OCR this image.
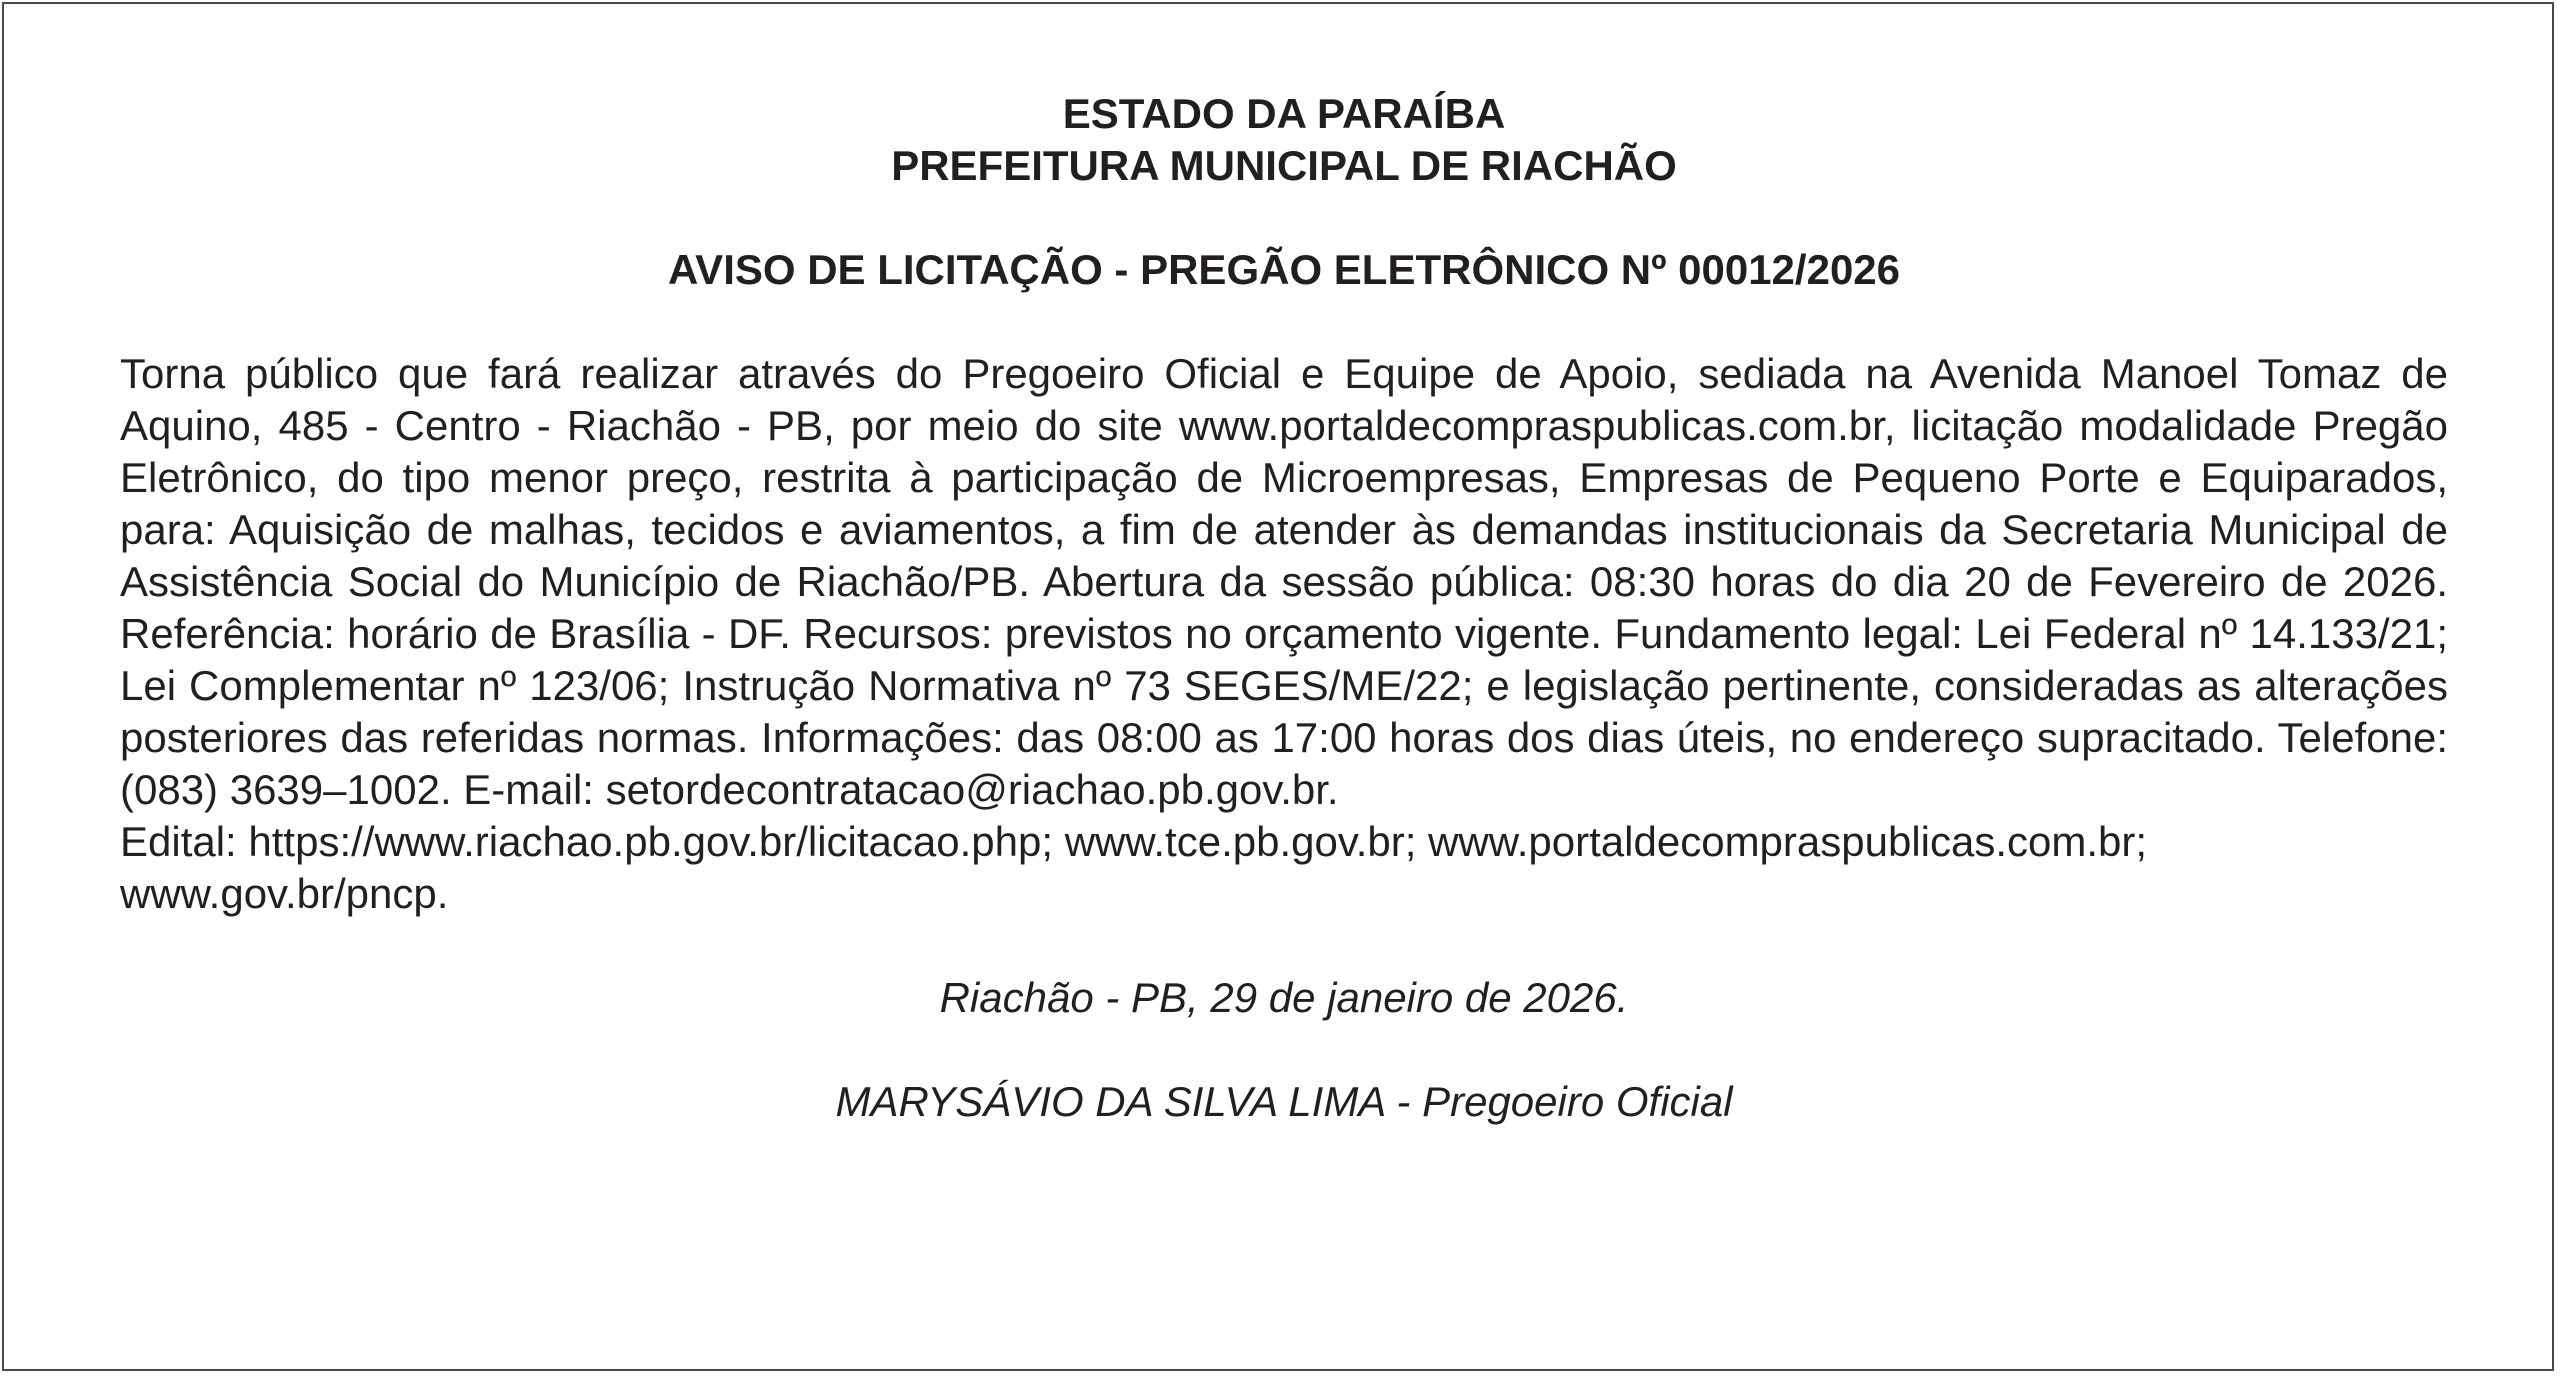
ESTADO DA PARAÍBA
PREFEITURA MUNICIPAL DE RIACHÃO
AVISO DE LICITAÇÃO - PREGÃO ELETRÔNICO Nº 00012/2026
Torna público que fará realizar através do Pregoeiro Oficial e Equipe de Apoio, sediada na Avenida Manoel Tomaz de Aquino, 485 - Centro - Riachão - PB, por meio do site www.portaldecompraspublicas.com.br, licitação modalidade Pregão Eletrônico, do tipo menor preço, restrita à participação de Microempresas, Empresas de Pequeno Porte e Equiparados, para: Aquisição de malhas, tecidos e aviamentos, a fim de atender às demandas institucionais da Secretaria Municipal de Assistência Social do Município de Riachão/PB. Abertura da sessão pública: 08:30 horas do dia 20 de Fevereiro de 2026. Referência: horário de Brasília - DF. Recursos: previstos no orçamento vigente. Fundamento legal: Lei Federal nº 14.133/21; Lei Complementar nº 123/06; Instrução Normativa nº 73 SEGES/ME/22; e legislação pertinente, consideradas as alterações posteriores das referidas normas. Informações: das 08:00 as 17:00 horas dos dias úteis, no endereço supracitado. Telefone: (083) 3639–1002. E-mail: setordecontratacao@riachao.pb.gov.br.
Edital: https://www.riachao.pb.gov.br/licitacao.php; www.tce.pb.gov.br; www.portaldecompraspublicas.com.br; www.gov.br/pncp.
Riachão - PB, 29 de janeiro de 2026.
MARYSÁVIO DA SILVA LIMA - Pregoeiro Oficial
